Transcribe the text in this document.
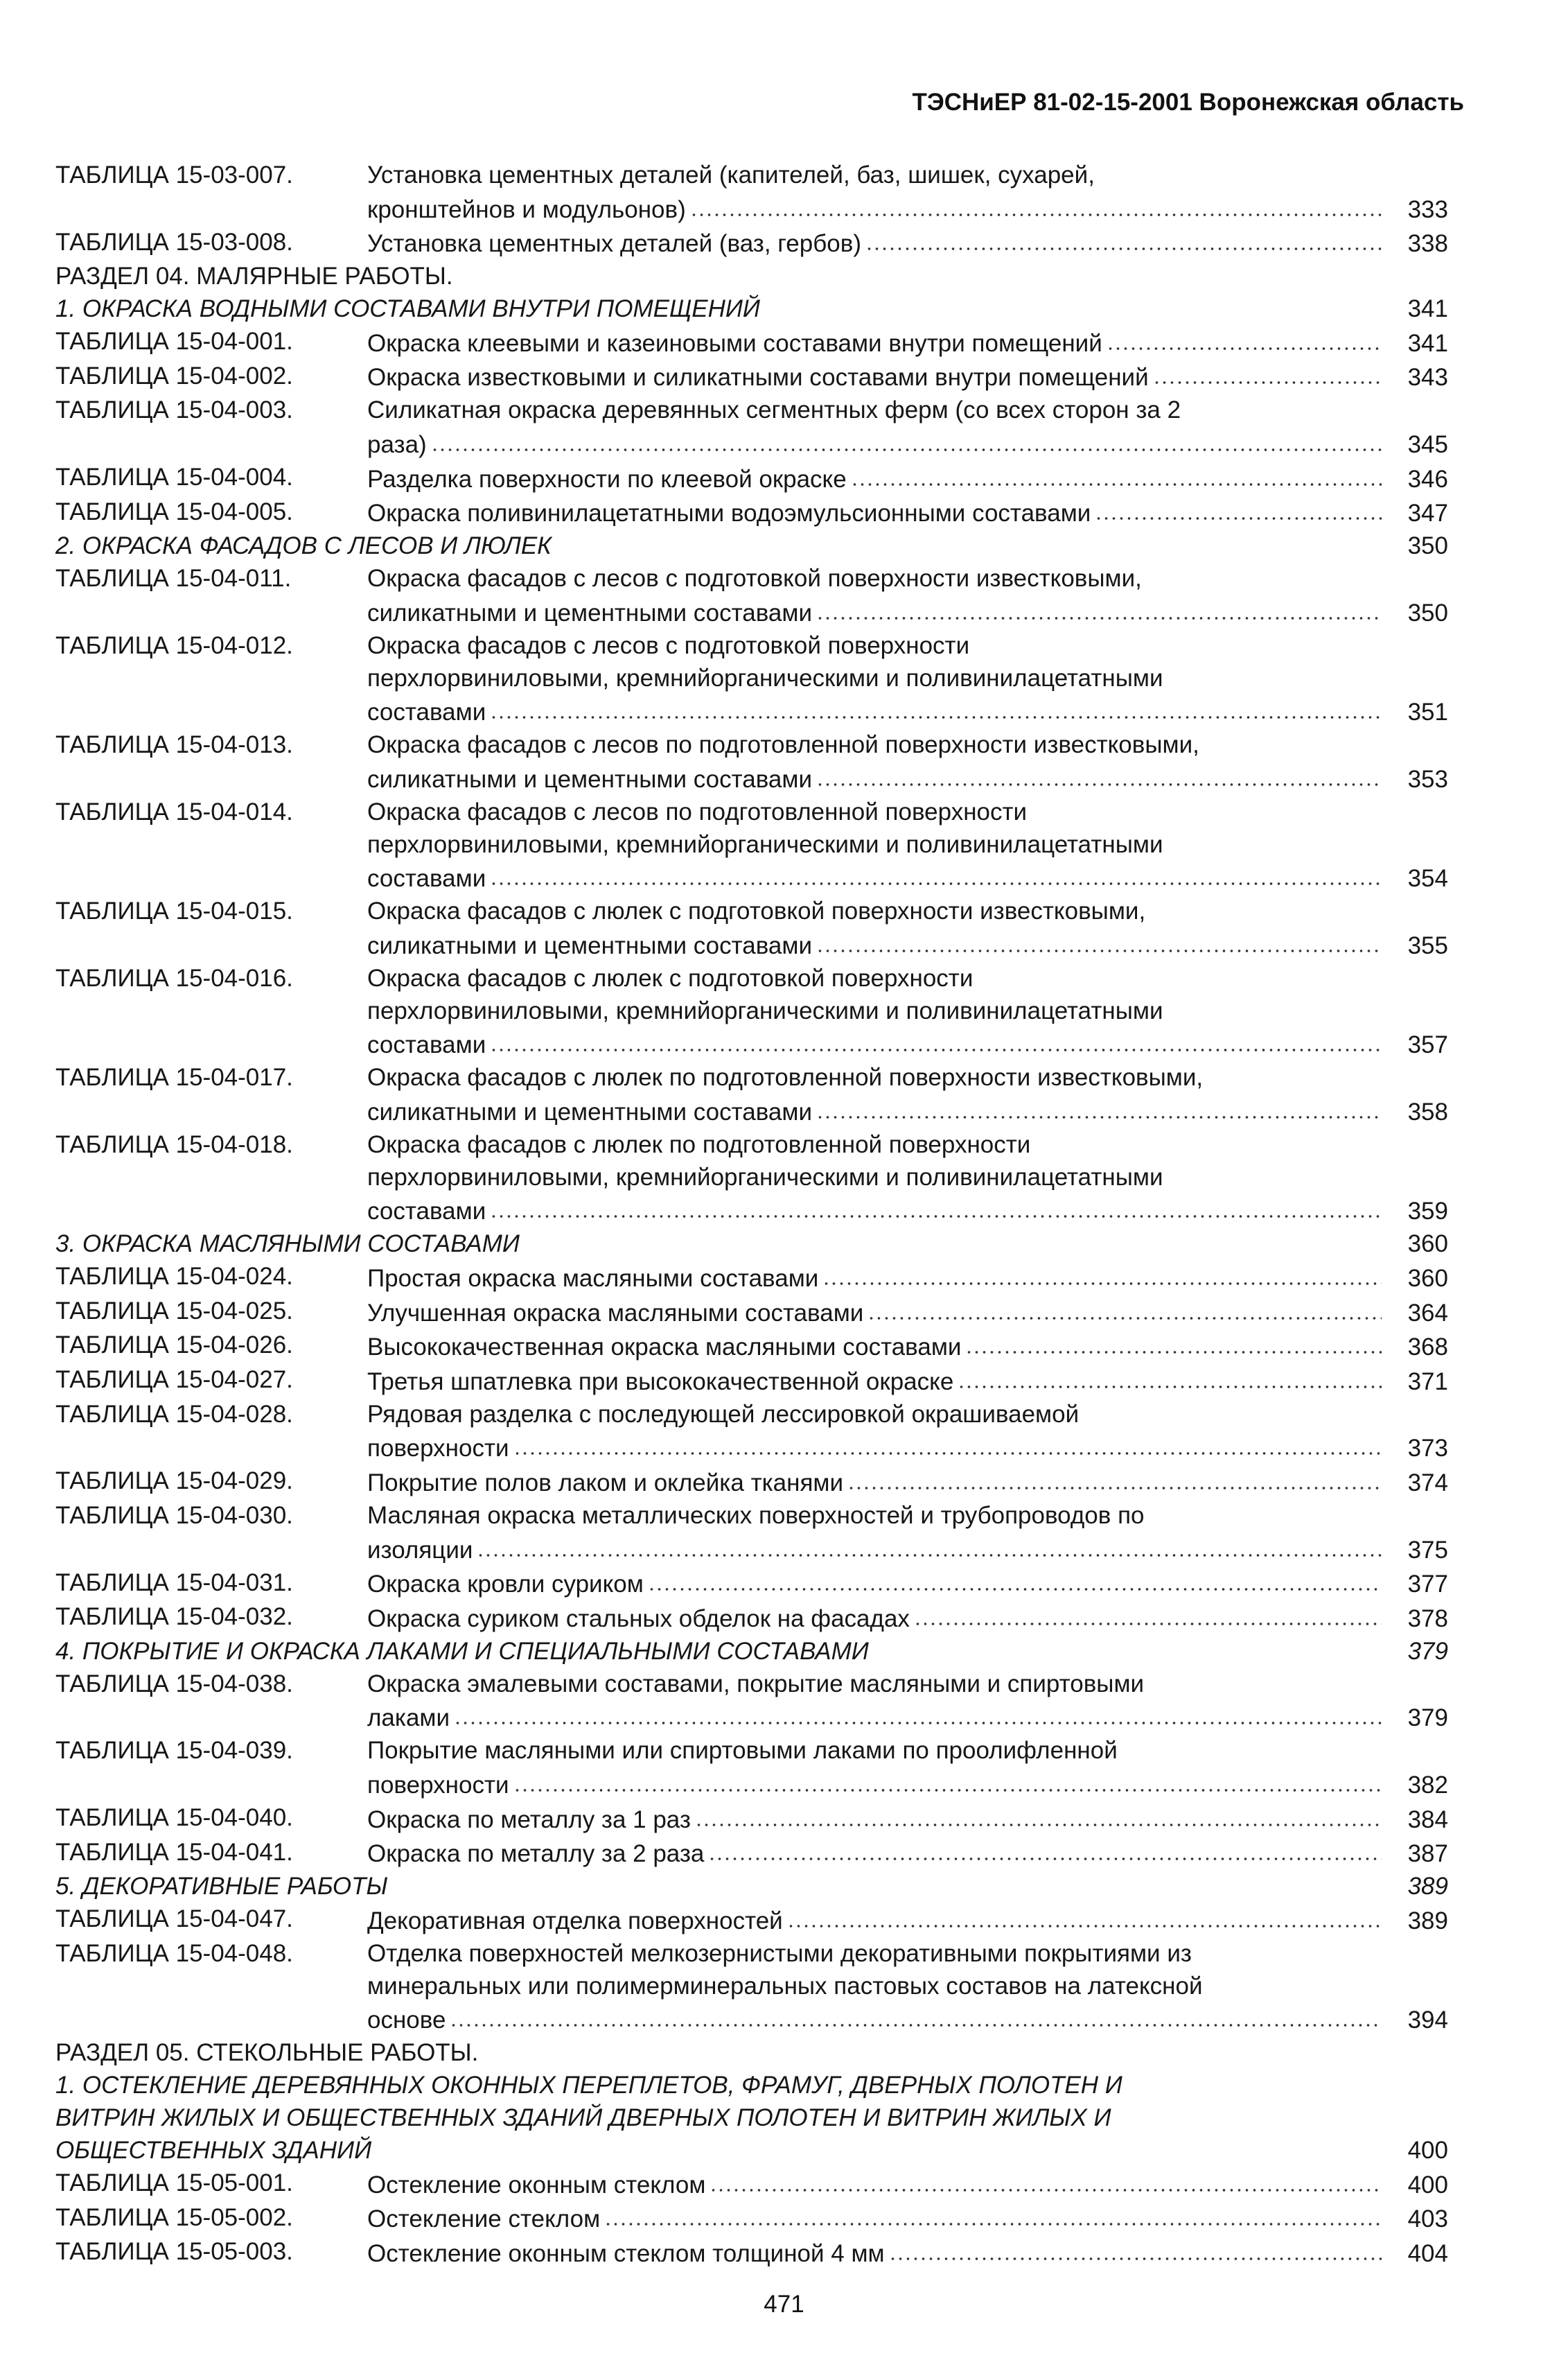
ТЭСНиЕР 81-02-15-2001 Воронежская область
ТАБЛИЦА 15-03-007.	Установка цементных деталей (капителей, баз, шишек, сухарей,
кронштейнов и модульонов)	333
ТАБЛИЦА 15-03-008.	Установка цементных деталей (ваз, гербов)	338
РАЗДЕЛ 04. МАЛЯРНЫЕ РАБОТЫ.
1. ОКРАСКА ВОДНЫМИ СОСТАВАМИ ВНУТРИ ПОМЕЩЕНИЙ	341
ТАБЛИЦА 15-04-001.	Окраска клеевыми и казеиновыми составами внутри помещений	341
ТАБЛИЦА 15-04-002.	Окраска известковыми и силикатными составами внутри помещений	343
ТАБЛИЦА 15-04-003.	Силикатная окраска деревянных сегментных ферм (со всех сторон за 2
раза)	345
ТАБЛИЦА 15-04-004.	Разделка поверхности по клеевой окраске	346
ТАБЛИЦА 15-04-005.	Окраска поливинилацетатными водоэмульсионными составами	347
2. ОКРАСКА ФАСАДОВ С ЛЕСОВ И ЛЮЛЕК	350
ТАБЛИЦА 15-04-011.	Окраска фасадов с лесов с подготовкой поверхности известковыми,
силикатными и цементными составами	350
ТАБЛИЦА 15-04-012.	Окраска фасадов с лесов с подготовкой поверхности
перхлорвиниловыми, кремнийорганическими и поливинилацетатными
составами	351
ТАБЛИЦА 15-04-013.	Окраска фасадов с лесов по подготовленной поверхности известковыми,
силикатными и цементными составами	353
ТАБЛИЦА 15-04-014.	Окраска фасадов с лесов по подготовленной поверхности
перхлорвиниловыми, кремнийорганическими и поливинилацетатными
составами	354
ТАБЛИЦА 15-04-015.	Окраска фасадов с люлек с подготовкой поверхности известковыми,
силикатными и цементными составами	355
ТАБЛИЦА 15-04-016.	Окраска фасадов с люлек с подготовкой поверхности
перхлорвиниловыми, кремнийорганическими и поливинилацетатными
составами	357
ТАБЛИЦА 15-04-017.	Окраска фасадов с люлек по подготовленной поверхности известковыми,
силикатными и цементными составами	358
ТАБЛИЦА 15-04-018.	Окраска фасадов с люлек по подготовленной поверхности
перхлорвиниловыми, кремнийорганическими и поливинилацетатными
составами	359
3. ОКРАСКА МАСЛЯНЫМИ СОСТАВАМИ	360
ТАБЛИЦА 15-04-024.	Простая окраска масляными составами	360
ТАБЛИЦА 15-04-025.	Улучшенная окраска масляными составами	364
ТАБЛИЦА 15-04-026.	Высококачественная окраска масляными составами	368
ТАБЛИЦА 15-04-027.	Третья шпатлевка при высококачественной окраске	371
ТАБЛИЦА 15-04-028.	Рядовая разделка с последующей лессировкой окрашиваемой
поверхности	373
ТАБЛИЦА 15-04-029.	Покрытие полов лаком и оклейка тканями	374
ТАБЛИЦА 15-04-030.	Масляная окраска металлических поверхностей и трубопроводов по
изоляции	375
ТАБЛИЦА 15-04-031.	Окраска кровли суриком	377
ТАБЛИЦА 15-04-032.	Окраска суриком стальных обделок на фасадах	378
4. ПОКРЫТИЕ И ОКРАСКА ЛАКАМИ И СПЕЦИАЛЬНЫМИ СОСТАВАМИ	379
ТАБЛИЦА 15-04-038.	Окраска эмалевыми составами, покрытие масляными и спиртовыми
лаками	379
ТАБЛИЦА 15-04-039.	Покрытие масляными или спиртовыми лаками по проолифленной
поверхности	382
ТАБЛИЦА 15-04-040.	Окраска по металлу за 1 раз	384
ТАБЛИЦА 15-04-041.	Окраска по металлу за 2 раза	387
5. ДЕКОРАТИВНЫЕ РАБОТЫ	389
ТАБЛИЦА 15-04-047.	Декоративная отделка поверхностей	389
ТАБЛИЦА 15-04-048.	Отделка поверхностей мелкозернистыми декоративными покрытиями из
минеральных или полимерминеральных пастовых составов на латексной
основе	394
РАЗДЕЛ 05. СТЕКОЛЬНЫЕ РАБОТЫ.
1. ОСТЕКЛЕНИЕ ДЕРЕВЯННЫХ ОКОННЫХ ПЕРЕПЛЕТОВ, ФРАМУГ, ДВЕРНЫХ ПОЛОТЕН И
ВИТРИН ЖИЛЫХ И ОБЩЕСТВЕННЫХ ЗДАНИЙ ДВЕРНЫХ ПОЛОТЕН И ВИТРИН ЖИЛЫХ И
ОБЩЕСТВЕННЫХ ЗДАНИЙ	400
ТАБЛИЦА 15-05-001.	Остекление оконным стеклом	400
ТАБЛИЦА 15-05-002.	Остекление стеклом	403
ТАБЛИЦА 15-05-003.	Остекление оконным стеклом толщиной 4 мм	404
471
